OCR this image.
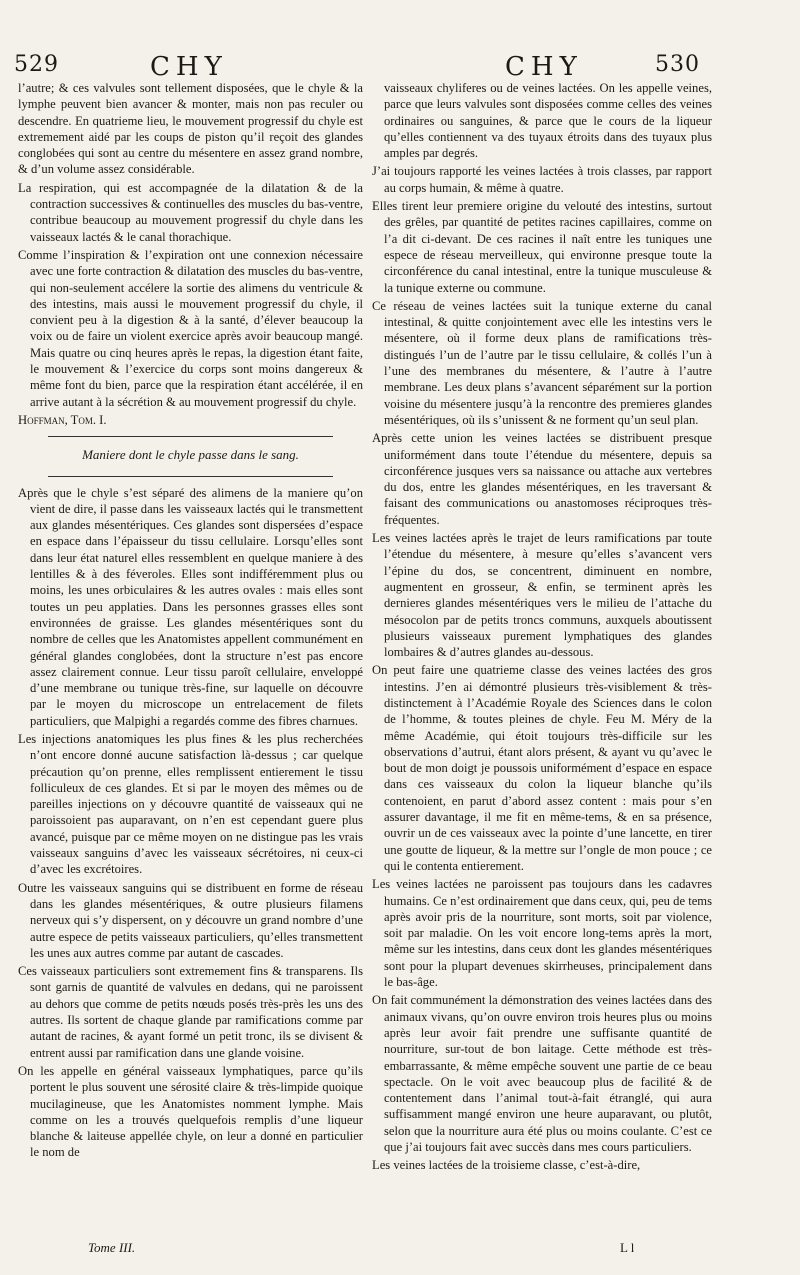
529	CHY	CHY	530

l’autre; & ces valvules sont tellement disposées, que le chyle & la lymphe peuvent bien avancer & monter, mais non pas reculer ou descendre. En quatrieme lieu, le mouvement progressif du chyle est extremement aidé par les coups de piston qu’il reçoit des glandes conglobées qui sont au centre du mésentere en assez grand nombre, & d’un volume assez considérable.

La respiration, qui est accompagnée de la dilatation & de la contraction successives & continuelles des muscles du bas-ventre, contribue beaucoup au mouvement progressif du chyle dans les vaisseaux lactés & le canal thorachique.

Comme l’inspiration & l’expiration ont une connexion nécessaire avec une forte contraction & dilatation des muscles du bas-ventre, qui non-seulement accélere la sortie des alimens du ventricule & des intestins, mais aussi le mouvement progressif du chyle, il convient peu à la digestion & à la santé, d’élever beaucoup la voix ou de faire un violent exercice après avoir beaucoup mangé. Mais quatre ou cinq heures après le repas, la digestion étant faite, le mouvement & l’exercice du corps sont moins dangereux & même font du bien, parce que la respiration étant accélérée, il en arrive autant à la sécrétion & au mouvement progressif du chyle.

Hoffman, Tom. I.

Maniere dont le chyle passe dans le sang.

Après que le chyle s’est séparé des alimens de la maniere qu’on vient de dire, il passe dans les vaisseaux lactés qui le transmettent aux glandes mésentériques. Ces glandes sont dispersées d’espace en espace dans l’épaisseur du tissu cellulaire. Lorsqu’elles sont dans leur état naturel elles ressemblent en quelque maniere à des lentilles & à des féveroles. Elles sont indifféremment plus ou moins, les unes orbiculaires & les autres ovales : mais elles sont toutes un peu applaties. Dans les personnes grasses elles sont environnées de graisse. Les glandes mésentériques sont du nombre de celles que les Anatomistes appellent communément en général glandes conglobées, dont la structure n’est pas encore assez clairement connue. Leur tissu paroît cellulaire, enveloppé d’une membrane ou tunique très-fine, sur laquelle on découvre par le moyen du microscope un entrelacement de filets particuliers, que Malpighi a regardés comme des fibres charnues.

Les injections anatomiques les plus fines & les plus recherchées n’ont encore donné aucune satisfaction là-dessus ; car quelque précaution qu’on prenne, elles remplissent entierement le tissu folliculeux de ces glandes. Et si par le moyen des mêmes ou de pareilles injections on y découvre quantité de vaisseaux qui ne paroissoient pas auparavant, on n’en est cependant guere plus avancé, puisque par ce même moyen on ne distingue pas les vrais vaisseaux sanguins d’avec les vaisseaux sécrétoires, ni ceux-ci d’avec les excrétoires.

Outre les vaisseaux sanguins qui se distribuent en forme de réseau dans les glandes mésentériques, & outre plusieurs filamens nerveux qui s’y dispersent, on y découvre un grand nombre d’une autre espece de petits vaisseaux particuliers, qu’elles transmettent les unes aux autres comme par autant de cascades.

Ces vaisseaux particuliers sont extremement fins & transparens. Ils sont garnis de quantité de valvules en dedans, qui ne paroissent au dehors que comme de petits nœuds posés très-près les uns des autres. Ils sortent de chaque glande par ramifications comme par autant de racines, & ayant formé un petit tronc, ils se divisent & entrent aussi par ramification dans une glande voisine.

On les appelle en général vaisseaux lymphatiques, parce qu’ils portent le plus souvent une sérosité claire & très-limpide quoique mucilagineuse, que les Anatomistes nomment lymphe. Mais comme on les a trouvés quelquefois remplis d’une liqueur blanche & laiteuse appellée chyle, on leur a donné en particulier le nom de

vaisseaux chyliferes ou de veines lactées. On les appelle veines, parce que leurs valvules sont disposées comme celles des veines ordinaires ou sanguines, & parce que le cours de la liqueur qu’elles contiennent va des tuyaux étroits dans des tuyaux plus amples par degrés.

J’ai toujours rapporté les veines lactées à trois classes, par rapport au corps humain, & même à quatre.

Elles tirent leur premiere origine du velouté des intestins, surtout des grêles, par quantité de petites racines capillaires, comme on l’a dit ci-devant. De ces racines il naît entre les tuniques une espece de réseau merveilleux, qui environne presque toute la circonférence du canal intestinal, entre la tunique musculeuse & la tunique externe ou commune.

Ce réseau de veines lactées suit la tunique externe du canal intestinal, & quitte conjointement avec elle les intestins vers le mésentere, où il forme deux plans de ramifications très-distingués l’un de l’autre par le tissu cellulaire, & collés l’un à l’une des membranes du mésentere, & l’autre à l’autre membrane. Les deux plans s’avancent séparément sur la portion voisine du mésentere jusqu’à la rencontre des premieres glandes mésentériques, où ils s’unissent & ne forment qu’un seul plan.

Après cette union les veines lactées se distribuent presque uniformément dans toute l’étendue du mésentere, depuis sa circonférence jusques vers sa naissance ou attache aux vertebres du dos, entre les glandes mésentériques, en les traversant & faisant des communications ou anastomoses réciproques très-fréquentes.

Les veines lactées après le trajet de leurs ramifications par toute l’étendue du mésentere, à mesure qu’elles s’avancent vers l’épine du dos, se concentrent, diminuent en nombre, augmentent en grosseur, & enfin, se terminent après les dernieres glandes mésentériques vers le milieu de l’attache du mésocolon par de petits troncs communs, auxquels aboutissent plusieurs vaisseaux purement lymphatiques des glandes lombaires & d’autres glandes au-dessous.

On peut faire une quatrieme classe des veines lactées des gros intestins. J’en ai démontré plusieurs très-visiblement & très-distinctement à l’Académie Royale des Sciences dans le colon de l’homme, & toutes pleines de chyle. Feu M. Méry de la même Académie, qui étoit toujours très-difficile sur les observations d’autrui, étant alors présent, & ayant vu qu’avec le bout de mon doigt je poussois uniformément d’espace en espace dans ces vaisseaux du colon la liqueur blanche qu’ils contenoient, en parut d’abord assez content : mais pour s’en assurer davantage, il me fit en même-tems, & en sa présence, ouvrir un de ces vaisseaux avec la pointe d’une lancette, en tirer une goutte de liqueur, & la mettre sur l’ongle de mon pouce ; ce qui le contenta entierement.

Les veines lactées ne paroissent pas toujours dans les cadavres humains. Ce n’est ordinairement que dans ceux, qui, peu de tems après avoir pris de la nourriture, sont morts, soit par violence, soit par maladie. On les voit encore long-tems après la mort, même sur les intestins, dans ceux dont les glandes mésentériques sont pour la plupart devenues skirrheuses, principalement dans le bas-âge.

On fait communément la démonstration des veines lactées dans des animaux vivans, qu’on ouvre environ trois heures plus ou moins après leur avoir fait prendre une suffisante quantité de nourriture, sur-tout de bon laitage. Cette méthode est très-embarrassante, & même empêche souvent une partie de ce beau spectacle. On le voit avec beaucoup plus de facilité & de contentement dans l’animal tout-à-fait étranglé, qui aura suffisamment mangé environ une heure auparavant, ou plutôt, selon que la nourriture aura été plus ou moins coulante. C’est ce que j’ai toujours fait avec succès dans mes cours particuliers.

Les veines lactées de la troisieme classe, c’est-à-dire,

Tome III.	L l
